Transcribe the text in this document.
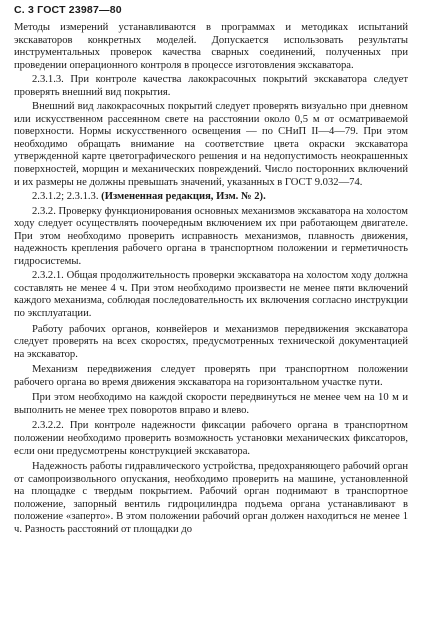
С. 3 ГОСТ 23987—80

Методы измерений устанавливаются в программах и методиках испытаний экскаваторов конкретных моделей. Допускается использовать результаты инструментальных проверок качества сварных соединений, полученных при проведении операционного контроля в процессе изготовления экскаватора.

2.3.1.3. При контроле качества лакокрасочных покрытий экскаватора следует проверять внешний вид покрытия.

Внешний вид лакокрасочных покрытий следует проверять визуально при дневном или искусственном рассеянном свете на расстоянии около 0,5 м от осматриваемой поверхности. Нормы искусственного освещения — по СНиП II—4—79. При этом необходимо обращать внимание на соответствие цвета окраски экскаватора утвержденной карте цветографического решения и на недопустимость неокрашенных поверхностей, морщин и механических повреждений. Число посторонних включений и их размеры не должны превышать значений, указанных в ГОСТ 9.032—74.

2.3.1.2; 2.3.1.3. (Измененная редакция, Изм. № 2).

2.3.2. Проверку функционирования основных механизмов экскаватора на холостом ходу следует осуществлять поочередным включением их при работающем двигателе. При этом необходимо проверить исправность механизмов, плавность движения, надежность крепления рабочего органа в транспортном положении и герметичность гидросистемы.

2.3.2.1. Общая продолжительность проверки экскаватора на холостом ходу должна составлять не менее 4 ч. При этом необходимо произвести не менее пяти включений каждого механизма, соблюдая последовательность их включения согласно инструкции по эксплуатации.

Работу рабочих органов, конвейеров и механизмов передвижения экскаватора следует проверять на всех скоростях, предусмотренных технической документацией на экскаватор.

Механизм передвижения следует проверять при транспортном положении рабочего органа во время движения экскаватора на горизонтальном участке пути.

При этом необходимо на каждой скорости передвинуться не менее чем на 10 м и выполнить не менее трех поворотов вправо и влево.

2.3.2.2. При контроле надежности фиксации рабочего органа в транспортном положении необходимо проверить возможность установки механических фиксаторов, если они предусмотрены конструкцией экскаватора.

Надежность работы гидравлического устройства, предохраняющего рабочий орган от самопроизвольного опускания, необходимо проверить на машине, установленной на площадке с твердым покрытием. Рабочий орган поднимают в транспортное положение, запорный вентиль гидроцилиндра подъема органа устанавливают в положение «заперто». В этом положении рабочий орган должен находиться не менее 1 ч. Разность расстояний от площадки до
